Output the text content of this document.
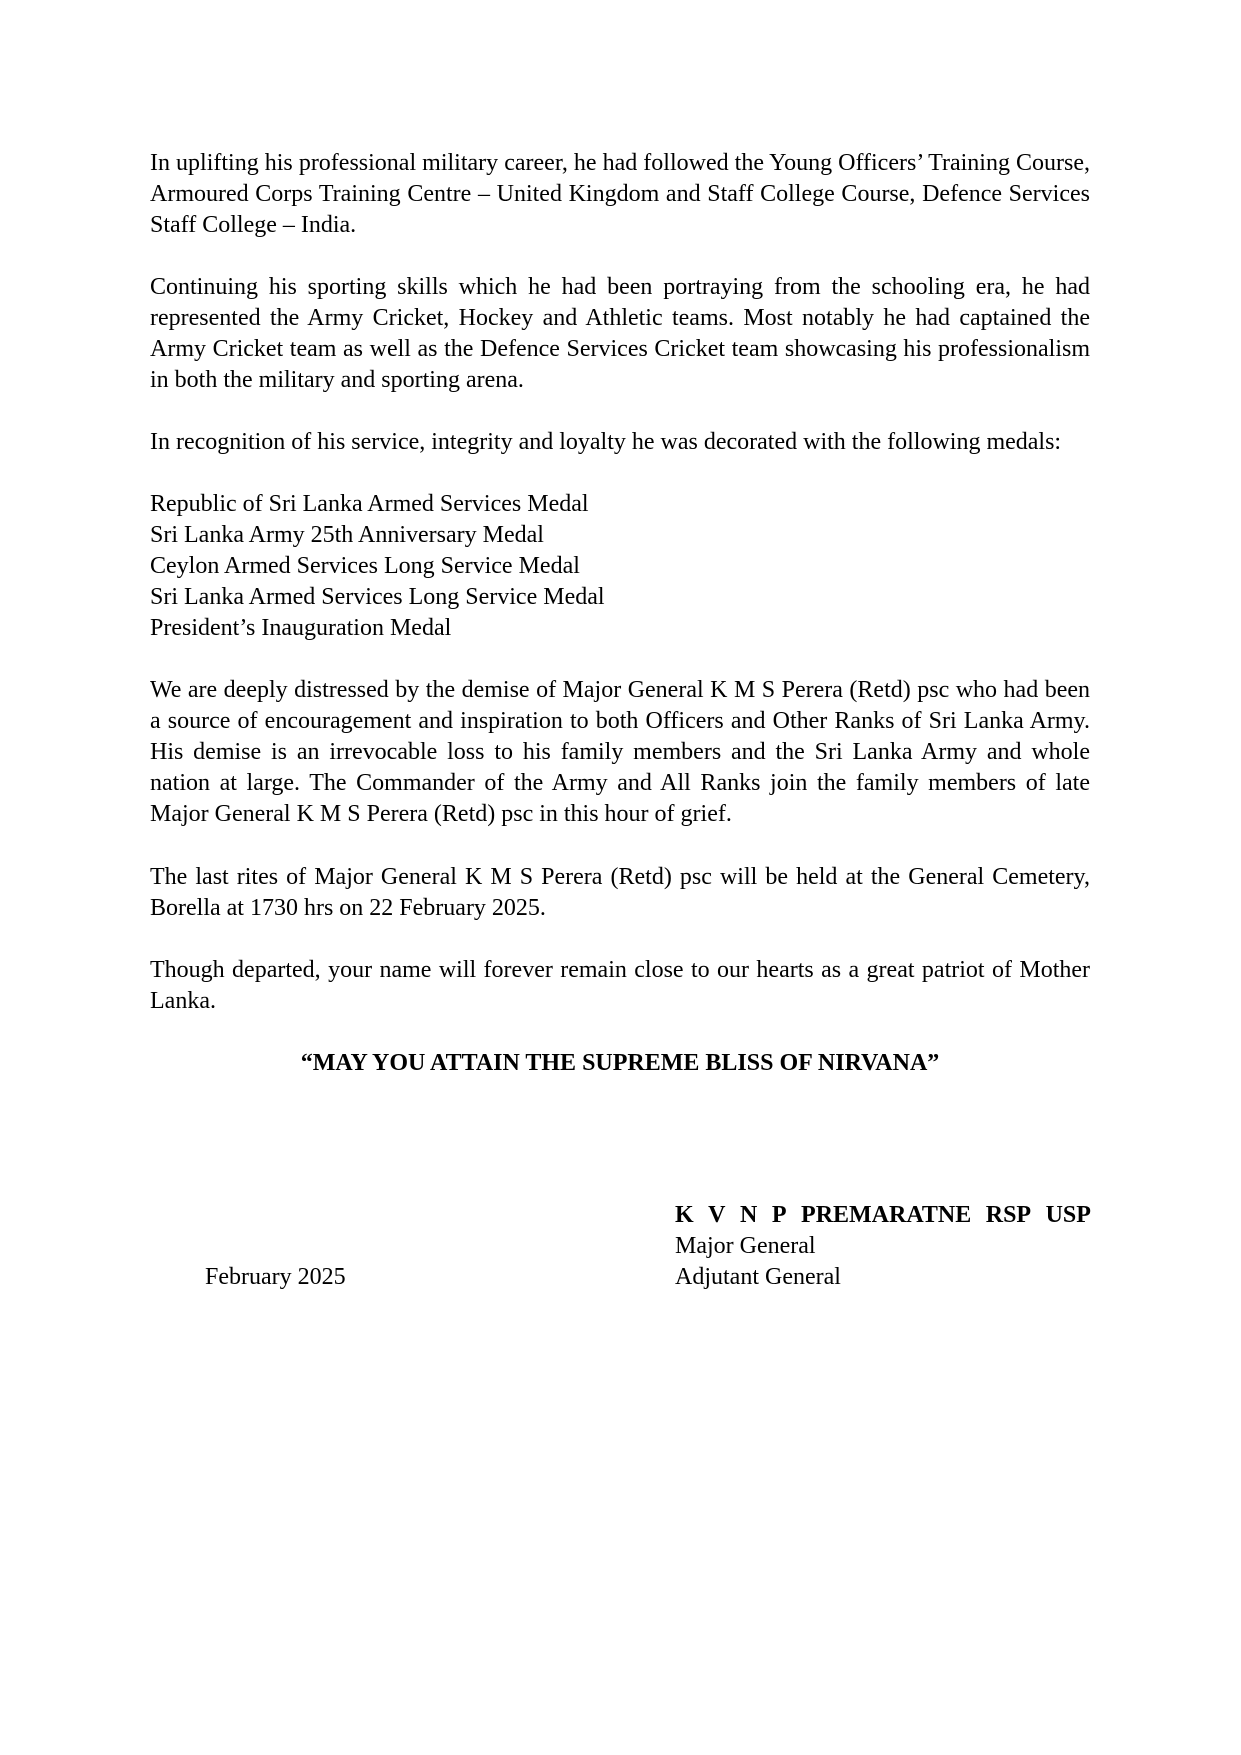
In uplifting his professional military career, he had followed the Young Officers’ Training Course, Armoured Corps Training Centre – United Kingdom and Staff College Course, Defence Services Staff College – India.

Continuing his sporting skills which he had been portraying from the schooling era, he had represented the Army Cricket, Hockey and Athletic teams. Most notably he had captained the Army Cricket team as well as the Defence Services Cricket team showcasing his professionalism in both the military and sporting arena.

In recognition of his service, integrity and loyalty he was decorated with the following medals:

Republic of Sri Lanka Armed Services Medal
Sri Lanka Army 25th Anniversary Medal
Ceylon Armed Services Long Service Medal
Sri Lanka Armed Services Long Service Medal
President’s Inauguration Medal

We are deeply distressed by the demise of Major General K M S Perera (Retd) psc who had been a source of encouragement and inspiration to both Officers and Other Ranks of Sri Lanka Army. His demise is an irrevocable loss to his family members and the Sri Lanka Army and whole nation at large. The Commander of the Army and All Ranks join the family members of late Major General K M S Perera (Retd) psc in this hour of grief.

The last rites of Major General K M S Perera (Retd) psc will be held at the General Cemetery, Borella at 1730 hrs on 22 February 2025.

Though departed, your name will forever remain close to our hearts as a great patriot of Mother Lanka.

“MAY YOU ATTAIN THE SUPREME BLISS OF NIRVANA”

K V N P PREMARATNE RSP USP
Major General
Adjutant General
February 2025
